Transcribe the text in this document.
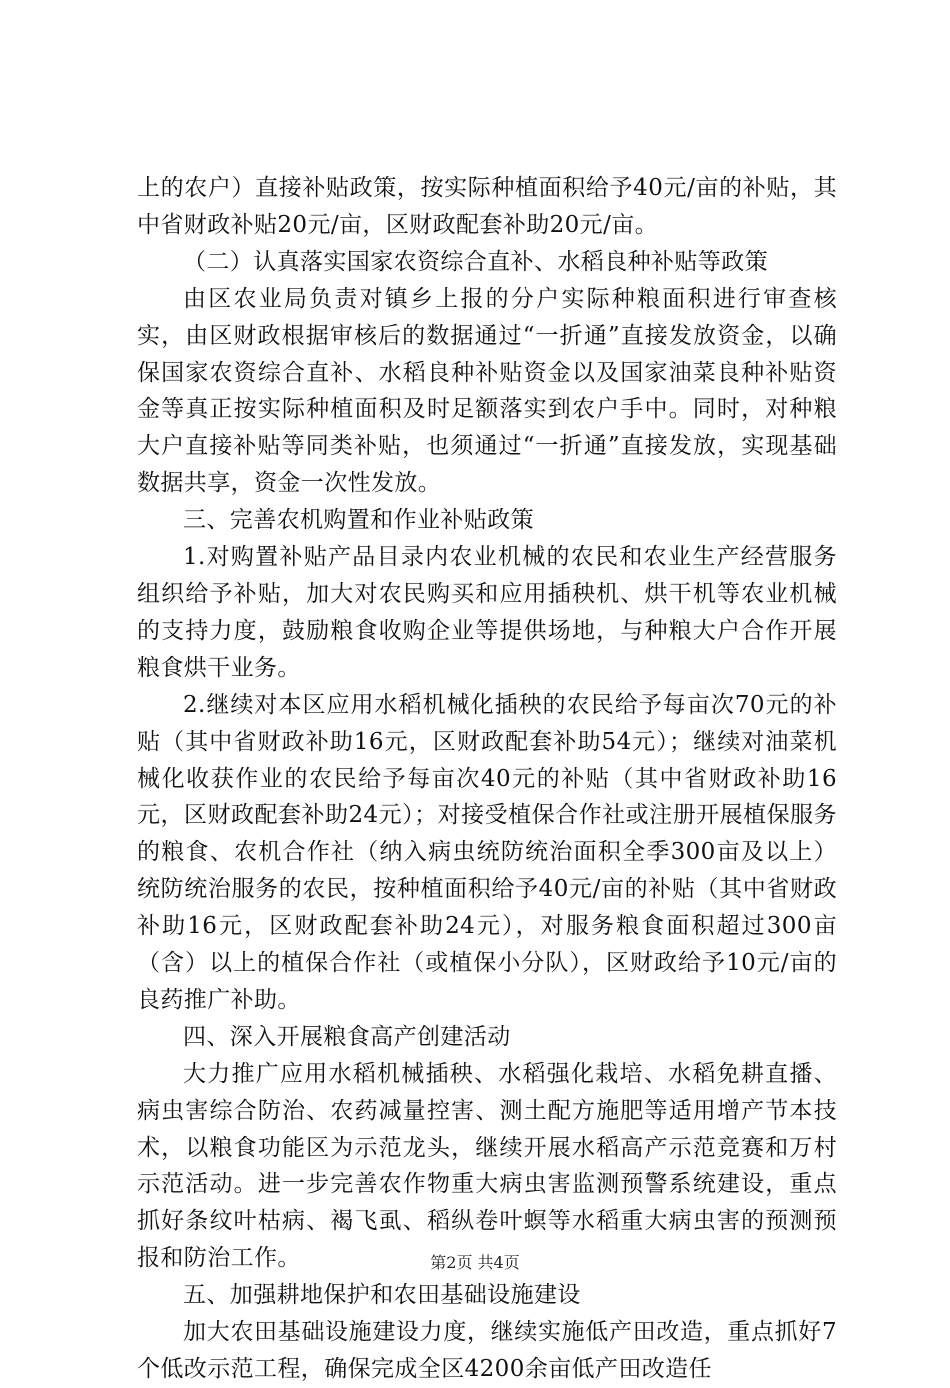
上的农户）直接补贴政策，按实际种植面积给予40元/亩的补贴，其中省财政补贴20元/亩，区财政配套补助20元/亩。

（二）认真落实国家农资综合直补、水稻良种补贴等政策

由区农业局负责对镇乡上报的分户实际种粮面积进行审查核实，由区财政根据审核后的数据通过“一折通”直接发放资金，以确保国家农资综合直补、水稻良种补贴资金以及国家油菜良种补贴资金等真正按实际种植面积及时足额落实到农户手中。同时，对种粮大户直接补贴等同类补贴，也须通过“一折通”直接发放，实现基础数据共享，资金一次性发放。

三、完善农机购置和作业补贴政策

1.对购置补贴产品目录内农业机械的农民和农业生产经营服务组织给予补贴，加大对农民购买和应用插秧机、烘干机等农业机械的支持力度，鼓励粮食收购企业等提供场地，与种粮大户合作开展粮食烘干业务。

2.继续对本区应用水稻机械化插秧的农民给予每亩次70元的补贴（其中省财政补助16元，区财政配套补助54元）；继续对油菜机械化收获作业的农民给予每亩次40元的补贴（其中省财政补助16元，区财政配套补助24元）；对接受植保合作社或注册开展植保服务的粮食、农机合作社（纳入病虫统防统治面积全季300亩及以上）统防统治服务的农民，按种植面积给予40元/亩的补贴（其中省财政补助16元，区财政配套补助24元），对服务粮食面积超过300亩（含）以上的植保合作社（或植保小分队），区财政给予10元/亩的良药推广补助。

四、深入开展粮食高产创建活动

大力推广应用水稻机械插秧、水稻强化栽培、水稻免耕直播、病虫害综合防治、农药减量控害、测土配方施肥等适用增产节本技术，以粮食功能区为示范龙头，继续开展水稻高产示范竞赛和万村示范活动。进一步完善农作物重大病虫害监测预警系统建设，重点抓好条纹叶枯病、褐飞虱、稻纵卷叶螟等水稻重大病虫害的预测预报和防治工作。

五、加强耕地保护和农田基础设施建设

加大农田基础设施建设力度，继续实施低产田改造，重点抓好7个低改示范工程，确保完成全区4200余亩低产田改造任

第2页 共4页
